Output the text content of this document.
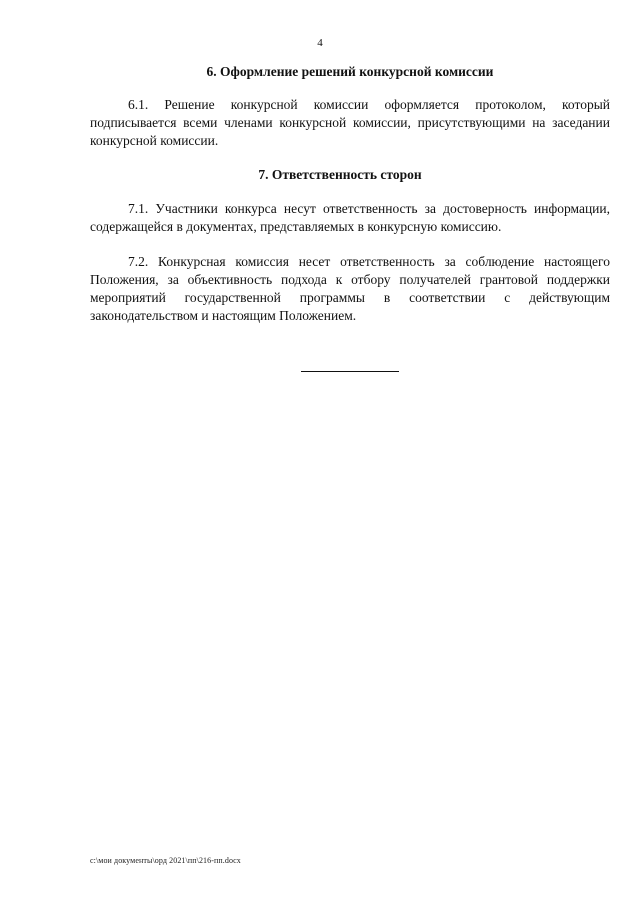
4
6. Оформление решений конкурсной комиссии
6.1. Решение конкурсной комиссии оформляется протоколом, который подписывается всеми членами конкурсной комиссии, присутствующими на заседании конкурсной комиссии.
7. Ответственность сторон
7.1. Участники конкурса несут ответственность за достоверность информации, содержащейся в документах, представляемых в конкурсную комиссию.
7.2. Конкурсная комиссия несет ответственность за соблюдение настоящего Положения, за объективность подхода к отбору получателей грантовой поддержки мероприятий государственной программы в соответствии с действующим законодательством и настоящим Положением.
c:\мои документы\орд 2021\пп\216-пп.docx
